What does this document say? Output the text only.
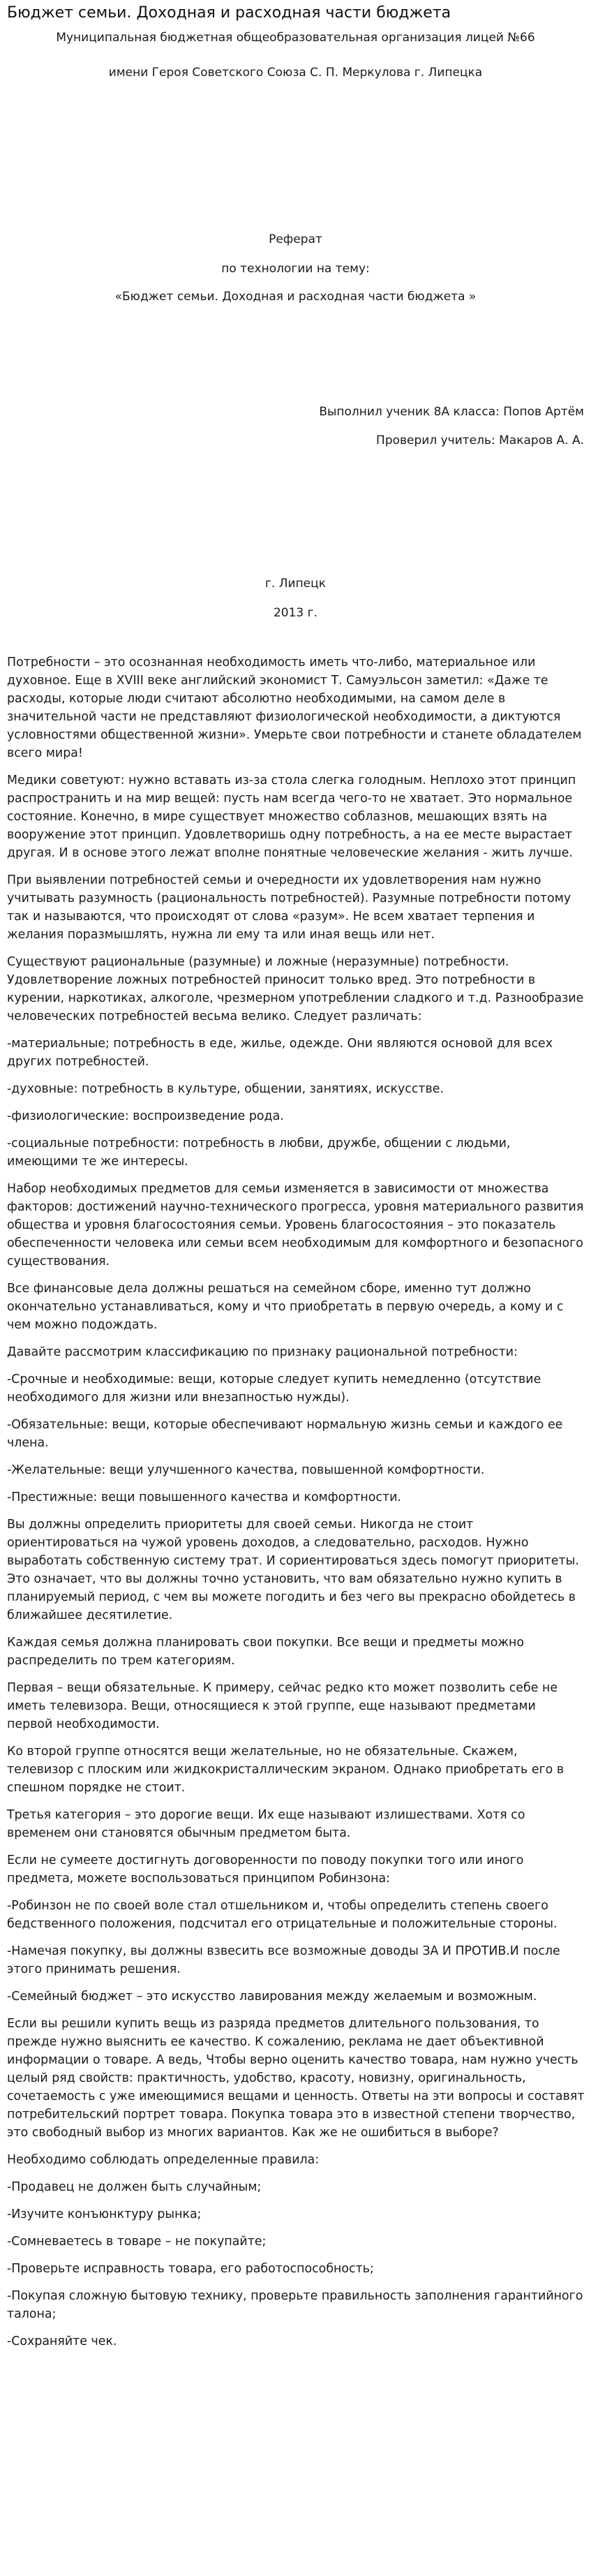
Бюджет семьи. Доходная и расходная части бюджета
Муниципальная бюджетная общеобразовательная организация лицей №66
имени Героя Советского Союза С. П. Меркулова г. Липецка
Реферат
по технологии на тему:
«Бюджет семьи. Доходная и расходная части бюджета »
Выполнил ученик 8А класса: Попов Артём
Проверил учитель: Макаров А. А.
г. Липецк
2013 г.

Потребности – это осознанная необходимость иметь что-либо, материальное или духовное. Еще в XVIII веке английский экономист Т. Самуэльсон заметил: «Даже те расходы, которые люди считают абсолютно необходимыми, на самом деле в значительной части не представляют физиологической необходимости, а диктуются условностями общественной жизни». Умерьте свои потребности и станете обладателем всего мира!

Медики советуют: нужно вставать из-за стола слегка голодным. Неплохо этот принцип распространить и на мир вещей: пусть нам всегда чего-то не хватает. Это нормальное состояние. Конечно, в мире существует множество соблазнов, мешающих взять на вооружение этот принцип. Удовлетворишь одну потребность, а на ее месте вырастает другая. И в основе этого лежат вполне понятные человеческие желания - жить лучше.

При выявлении потребностей семьи и очередности их удовлетворения нам нужно учитывать разумность (рациональность потребностей). Разумные потребности потому так и называются, что происходят от слова «разум». Не всем хватает терпения и желания поразмышлять, нужна ли ему та или иная вещь или нет.

Существуют рациональные (разумные) и ложные (неразумные) потребности. Удовлетворение ложных потребностей приносит только вред. Это потребности в курении, наркотиках, алкоголе, чрезмерном употреблении сладкого и т.д. Разнообразие человеческих потребностей весьма велико. Следует различать:

-материальные; потребность в еде, жилье, одежде. Они являются основой для всех других потребностей.

-духовные: потребность в культуре, общении, занятиях, искусстве.

-физиологические: воспроизведение рода.

-социальные потребности: потребность в любви, дружбе, общении с людьми, имеющими те же интересы.

Набор необходимых предметов для семьи изменяется в зависимости от множества факторов: достижений научно-технического прогресса, уровня материального развития общества и уровня благосостояния семьи. Уровень благосостояния – это показатель обеспеченности человека или семьи всем необходимым для комфортного и безопасного существования.

Все финансовые дела должны решаться на семейном сборе, именно тут должно окончательно устанавливаться, кому и что приобретать в первую очередь, а кому и с чем можно подождать.

Давайте рассмотрим классификацию по признаку рациональной потребности:

-Срочные и необходимые: вещи, которые следует купить немедленно (отсутствие необходимого для жизни или внезапностью нужды).

-Обязательные: вещи, которые обеспечивают нормальную жизнь семьи и каждого ее члена.

-Желательные: вещи улучшенного качества, повышенной комфортности.

-Престижные: вещи повышенного качества и комфортности.

Вы должны определить приоритеты для своей семьи. Никогда не стоит ориентироваться на чужой уровень доходов, а следовательно, расходов. Нужно выработать собственную систему трат. И сориентироваться здесь помогут приоритеты. Это означает, что вы должны точно установить, что вам обязательно нужно купить в планируемый период, с чем вы можете погодить и без чего вы прекрасно обойдетесь в ближайшее десятилетие.

Каждая семья должна планировать свои покупки. Все вещи и предметы можно распределить по трем категориям.

Первая – вещи обязательные. К примеру, сейчас редко кто может позволить себе не иметь телевизора. Вещи, относящиеся к этой группе, еще называют предметами первой необходимости.

Ко второй группе относятся вещи желательные, но не обязательные. Скажем, телевизор с плоским или жидкокристаллическим экраном. Однако приобретать его в спешном порядке не стоит.

Третья категория – это дорогие вещи. Их еще называют излишествами. Хотя со временем они становятся обычным предметом быта.

Если не сумеете достигнуть договоренности по поводу покупки того или иного предмета, можете воспользоваться принципом Робинзона:

-Робинзон не по своей воле стал отшельником и, чтобы определить степень своего бедственного положения, подсчитал его отрицательные и положительные стороны.

-Намечая покупку, вы должны взвесить все возможные доводы ЗА И ПРОТИВ.И после этого принимать решения.

-Семейный бюджет – это искусство лавирования между желаемым и возможным.

Если вы решили купить вещь из разряда предметов длительного пользования, то прежде нужно выяснить ее качество. К сожалению, реклама не дает объективной информации о товаре. А ведь, Чтобы верно оценить качество товара, нам нужно учесть целый ряд свойств: практичность, удобство, красоту, новизну, оригинальность, сочетаемость с уже имеющимися вещами и ценность. Ответы на эти вопросы и составят потребительский портрет товара. Покупка товара это в известной степени творчество, это свободный выбор из многих вариантов. Как же не ошибиться в выборе?

Необходимо соблюдать определенные правила:

-Продавец не должен быть случайным;

-Изучите конъюнктуру рынка;

-Сомневаетесь в товаре – не покупайте;

-Проверьте исправность товара, его работоспособность;

-Покупая сложную бытовую технику, проверьте правильность заполнения гарантийного талона;

-Сохраняйте чек.
